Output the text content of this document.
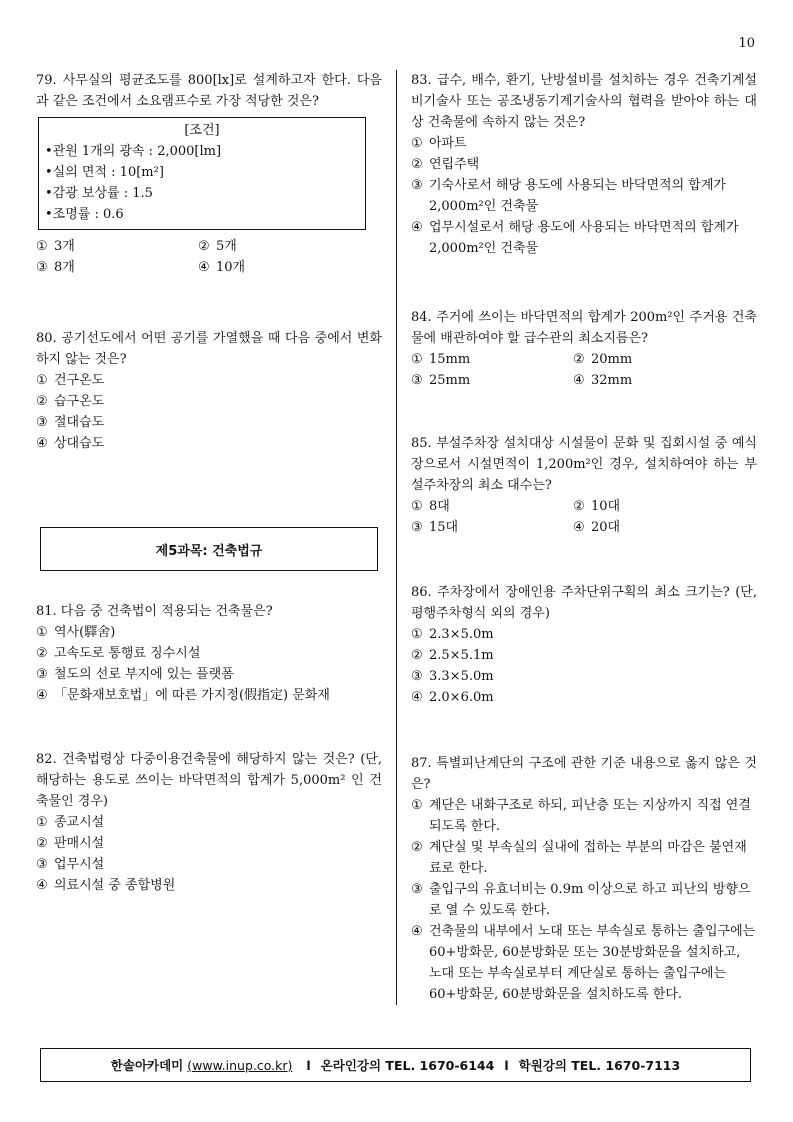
10

79. 사무실의 평균조도를 800[lx]로 설계하고자 한다. 다음과 같은 조건에서 소요램프수로 가장 적당한 것은?

[조건]

•관원 1개의 광속 : 2,000[lm]

•실의 면적 : 10[m²]

•감광 보상률 : 1.5

•조명률 : 0.6

① 3개	② 5개
③ 8개	④ 10개

80. 공기선도에서 어떤 공기를 가열했을 때 다음 중에서 변화하지 않는 것은?

① 건구온도
② 습구온도
③ 절대습도
④ 상대습도

81. 다음 중 건축법이 적용되는 건축물은?

① 역사(驛舍)
② 고속도로 통행료 징수시설
③ 철도의 선로 부지에 있는 플랫폼
④ 「문화재보호법」에 따른 가지정(假指定) 문화재

82. 건축법령상 다중이용건축물에 해당하지 않는 것은? (단, 해당하는 용도로 쓰이는 바닥면적의 합계가 5,000m² 인 건축물인 경우)

① 종교시설
② 판매시설
③ 업무시설
④ 의료시설 중 종합병원
제5과목: 건축법규

83. 급수, 배수, 환기, 난방설비를 설치하는 경우 건축기계설비기술사 또는 공조냉동기계기술사의 협력을 받아야 하는 대상 건축물에 속하지 않는 것은?

① 아파트
② 연립주택
③ 기숙사로서 해당 용도에 사용되는 바닥면적의 합계가 2,000m²인 건축물
④ 업무시설로서 해당 용도에 사용되는 바닥면적의 합계가 2,000m²인 건축물

84. 주거에 쓰이는 바닥면적의 합계가 200m²인 주거용 건축물에 배관하여야 할 급수관의 최소지름은?

① 15mm	② 20mm
③ 25mm	④ 32mm

85. 부설주차장 설치대상 시설물이 문화 및 집회시설 중 예식장으로서 시설면적이 1,200m²인 경우, 설치하여야 하는 부설주차장의 최소 대수는?

① 8대	② 10대
③ 15대	④ 20대

86. 주차장에서 장애인용 주차단위구획의 최소 크기는? (단, 평행주차형식 외의 경우)

① 2.3×5.0m
② 2.5×5.1m
③ 3.3×5.0m
④ 2.0×6.0m

87. 특별피난계단의 구조에 관한 기준 내용으로 옳지 않은 것은?

① 계단은 내화구조로 하되, 피난층 또는 지상까지 직접 연결되도록 한다.
② 계단실 및 부속실의 실내에 접하는 부분의 마감은 불연재료로 한다.
③ 출입구의 유효너비는 0.9m 이상으로 하고 피난의 방향으로 열 수 있도록 한다.
④ 건축물의 내부에서 노대 또는 부속실로 통하는 출입구에는 60+방화문, 60분방화문 또는 30분방화문을 설치하고, 노대 또는 부속실로부터 계단실로 통하는 출입구에는 60+방화문, 60분방화문을 설치하도록 한다.
한솔아카데미 (www.inup.co.kr) l 온라인강의 TEL. 1670-6144 l 학원강의 TEL. 1670-7113
